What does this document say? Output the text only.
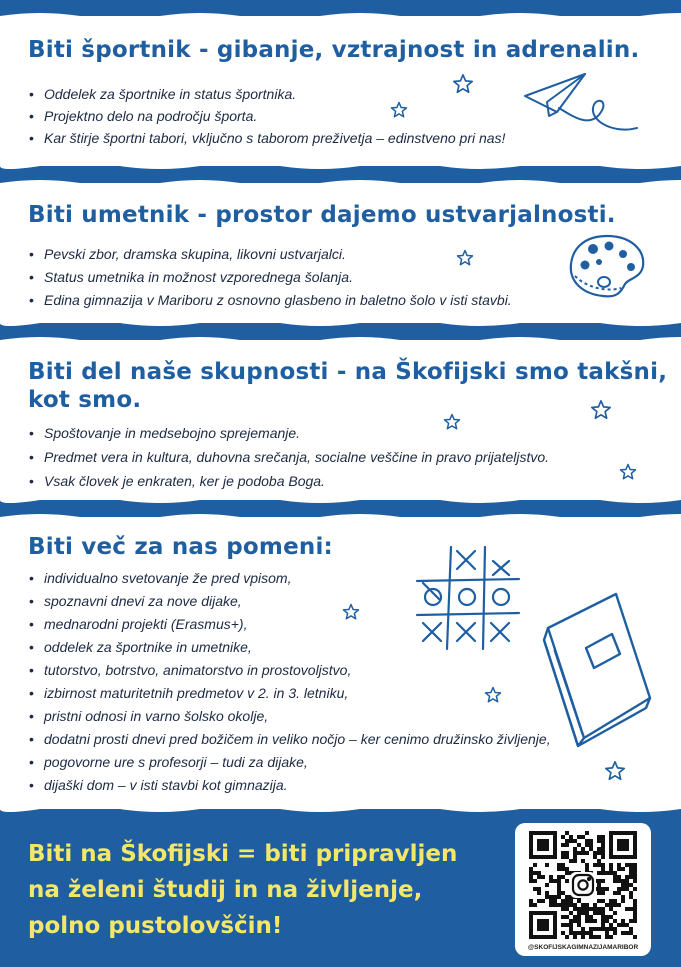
Biti športnik - gibanje, vztrajnost in adrenalin.
• Oddelek za športnike in status športnika.
• Projektno delo na področju športa.
• Kar štirje športni tabori, vključno s taborom preživetja – edinstveno pri nas!
Biti umetnik - prostor dajemo ustvarjalnosti.
• Pevski zbor, dramska skupina, likovni ustvarjalci.
• Status umetnika in možnost vzporednega šolanja.
• Edina gimnazija v Mariboru z osnovno glasbeno in baletno šolo v isti stavbi.
Biti del naše skupnosti - na Škofijski smo takšni,
kot smo.
• Spoštovanje in medsebojno sprejemanje.
• Predmet vera in kultura, duhovna srečanja, socialne veščine in pravo prijateljstvo.
• Vsak človek je enkraten, ker je podoba Boga.
Biti več za nas pomeni:
• individualno svetovanje že pred vpisom,
• spoznavni dnevi za nove dijake,
• mednarodni projekti (Erasmus+),
• oddelek za športnike in umetnike,
• tutorstvo, botrstvo, animatorstvo in prostovoljstvo,
• izbirnost maturitetnih predmetov v 2. in 3. letniku,
• pristni odnosi in varno šolsko okolje,
• dodatni prosti dnevi pred božičem in veliko nočjo – ker cenimo družinsko življenje,
• pogovorne ure s profesorji – tudi za dijake,
• dijaški dom – v isti stavbi kot gimnazija.
Biti na Škofijski = biti pripravljen
na želeni študij in na življenje,
polno pustolovščin!
@SKOFIJSKAGIMNAZIJAMARIBOR
